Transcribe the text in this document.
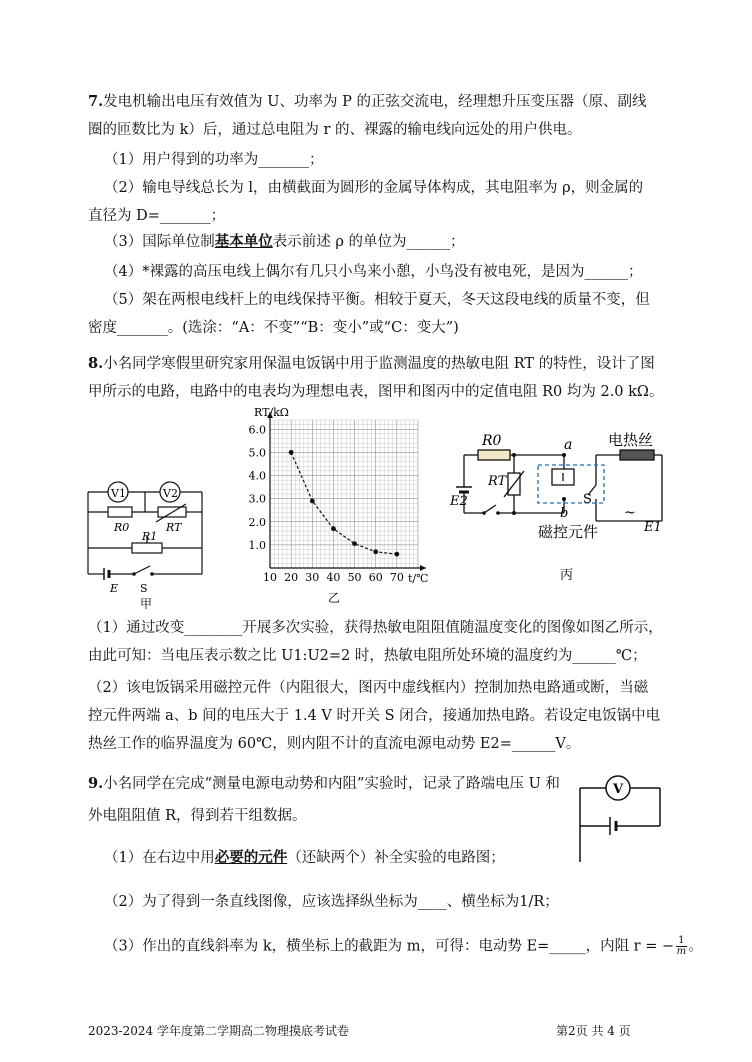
7.发电机输出电压有效值为 U、功率为 P 的正弦交流电，经理想升压变压器（原、副线
圈的匝数比为 k）后，通过总电阻为 r 的、裸露的输电线向远处的用户供电。
（1）用户得到的功率为_______；
（2）输电导线总长为 l，由横截面为圆形的金属导体构成，其电阻率为 ρ，则金属的
直径为 D=_______；
（3）国际单位制基本单位表示前述 ρ 的单位为______；
（4）*裸露的高压电线上偶尔有几只小鸟来小憩，小鸟没有被电死，是因为______；
（5）架在两根电线杆上的电线保持平衡。相较于夏天，冬天这段电线的质量不变，但
密度_______。(选涂：“A：不变”“B：变小”或“C：变大”)
8.小名同学寒假里研究家用保温电饭锅中用于监测温度的热敏电阻 RT 的特性，设计了图
甲所示的电路，电路中的电表均为理想电表，图甲和图丙中的定值电阻 R0 均为 2.0 kΩ。
V1	V2
R0	RT
R1
E S
甲
10 20 30 40 50 60 70
1.0
2.0
3.0
4.0
5.0
6.0
RT/kΩ
t/℃
乙
R0	a
RT
S
b
E2
E1
电热丝
磁控元件
~
丙
（1）通过改变________开展多次实验，获得热敏电阻阻值随温度变化的图像如图乙所示，
由此可知：当电压表示数之比 U1:U2=2 时，热敏电阻所处环境的温度约为______℃；
（2）该电饭锅采用磁控元件（内阻很大，图丙中虚线框内）控制加热电路通或断，当磁
控元件两端 a、b 间的电压大于 1.4 V 时开关 S 闭合，接通加热电路。若设定电饭锅中电
热丝工作的临界温度为 60℃，则内阻不计的直流电源电动势 E2=______V。
9.小名同学在完成“测量电源电动势和内阻”实验时，记录了路端电压 U 和
外电阻阻值 R，得到若干组数据。
V
（1）在右边中用必要的元件（还缺两个）补全实验的电路图；
（2）为了得到一条直线图像，应该选择纵坐标为____、横坐标为1/R；
（3）作出的直线斜率为 k，横坐标上的截距为 m，可得：电动势 E=_____，内阻 r = − $\frac{1}{m}$ 。
2023-2024 学年度第二学期高二物理摸底考试卷	第2页 共 4 页
